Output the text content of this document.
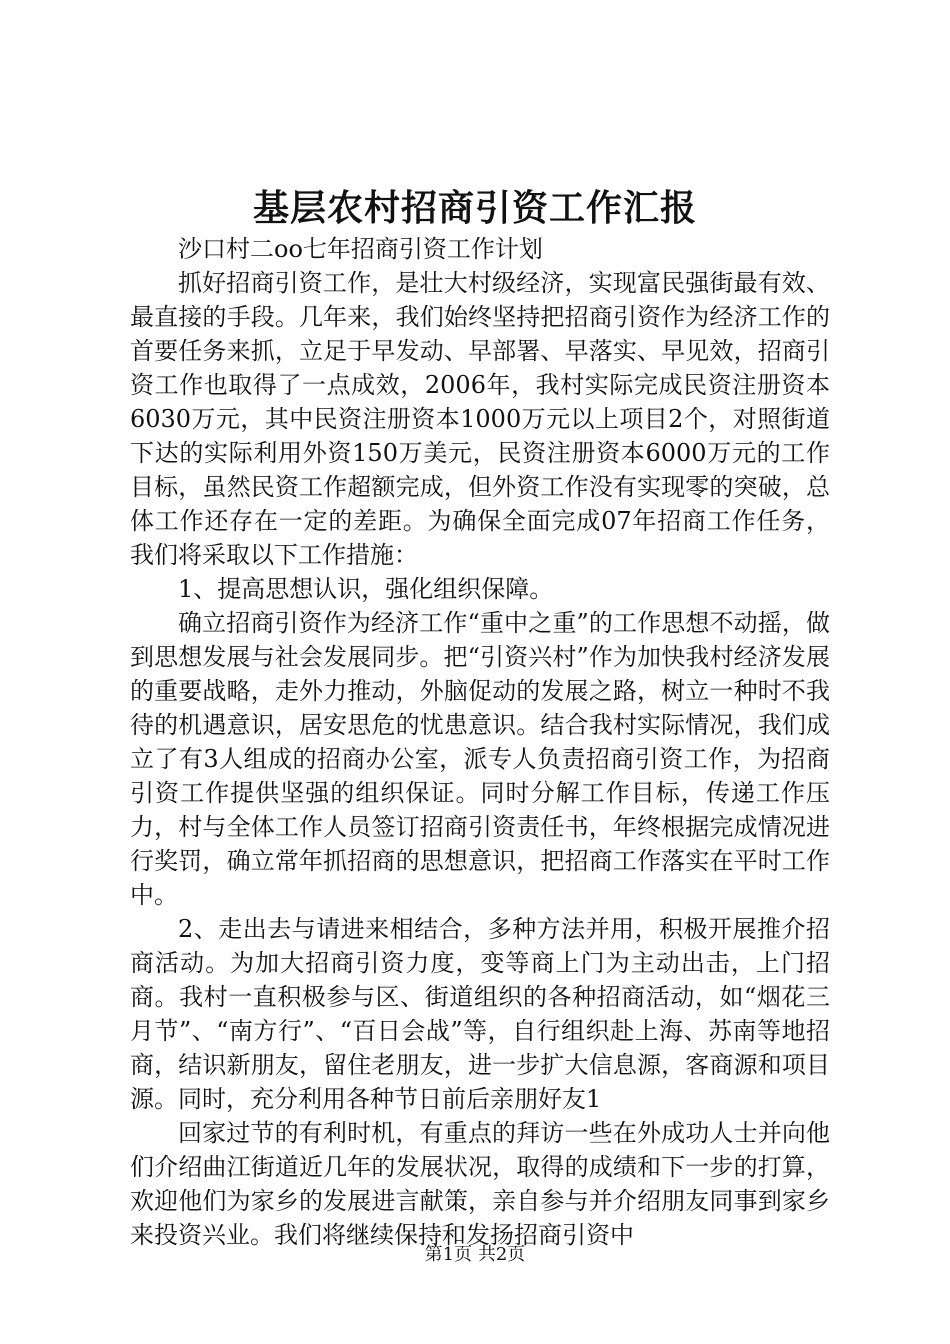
基层农村招商引资工作汇报

沙口村二oo七年招商引资工作计划

抓好招商引资工作，是壮大村级经济，实现富民强街最有效、最直接的手段。几年来，我们始终坚持把招商引资作为经济工作的首要任务来抓，立足于早发动、早部署、早落实、早见效，招商引资工作也取得了一点成效，2006年，我村实际完成民资注册资本6030万元，其中民资注册资本1000万元以上项目2个，对照街道下达的实际利用外资150万美元，民资注册资本6000万元的工作目标，虽然民资工作超额完成，但外资工作没有实现零的突破，总体工作还存在一定的差距。为确保全面完成07年招商工作任务，我们将采取以下工作措施：

1、提高思想认识，强化组织保障。

确立招商引资作为经济工作“重中之重”的工作思想不动摇，做到思想发展与社会发展同步。把“引资兴村”作为加快我村经济发展的重要战略，走外力推动，外脑促动的发展之路，树立一种时不我待的机遇意识，居安思危的忧患意识。结合我村实际情况，我们成立了有3人组成的招商办公室，派专人负责招商引资工作，为招商引资工作提供坚强的组织保证。同时分解工作目标，传递工作压力，村与全体工作人员签订招商引资责任书，年终根据完成情况进行奖罚，确立常年抓招商的思想意识，把招商工作落实在平时工作中。

2、走出去与请进来相结合，多种方法并用，积极开展推介招商活动。为加大招商引资力度，变等商上门为主动出击，上门招商。我村一直积极参与区、街道组织的各种招商活动，如“烟花三月节”、“南方行”、“百日会战”等，自行组织赴上海、苏南等地招商，结识新朋友，留住老朋友，进一步扩大信息源，客商源和项目源。同时，充分利用各种节日前后亲朋好友1

回家过节的有利时机，有重点的拜访一些在外成功人士并向他们介绍曲江街道近几年的发展状况，取得的成绩和下一步的打算，欢迎他们为家乡的发展进言献策，亲自参与并介绍朋友同事到家乡来投资兴业。我们将继续保持和发扬招商引资中

第1页 共2页
